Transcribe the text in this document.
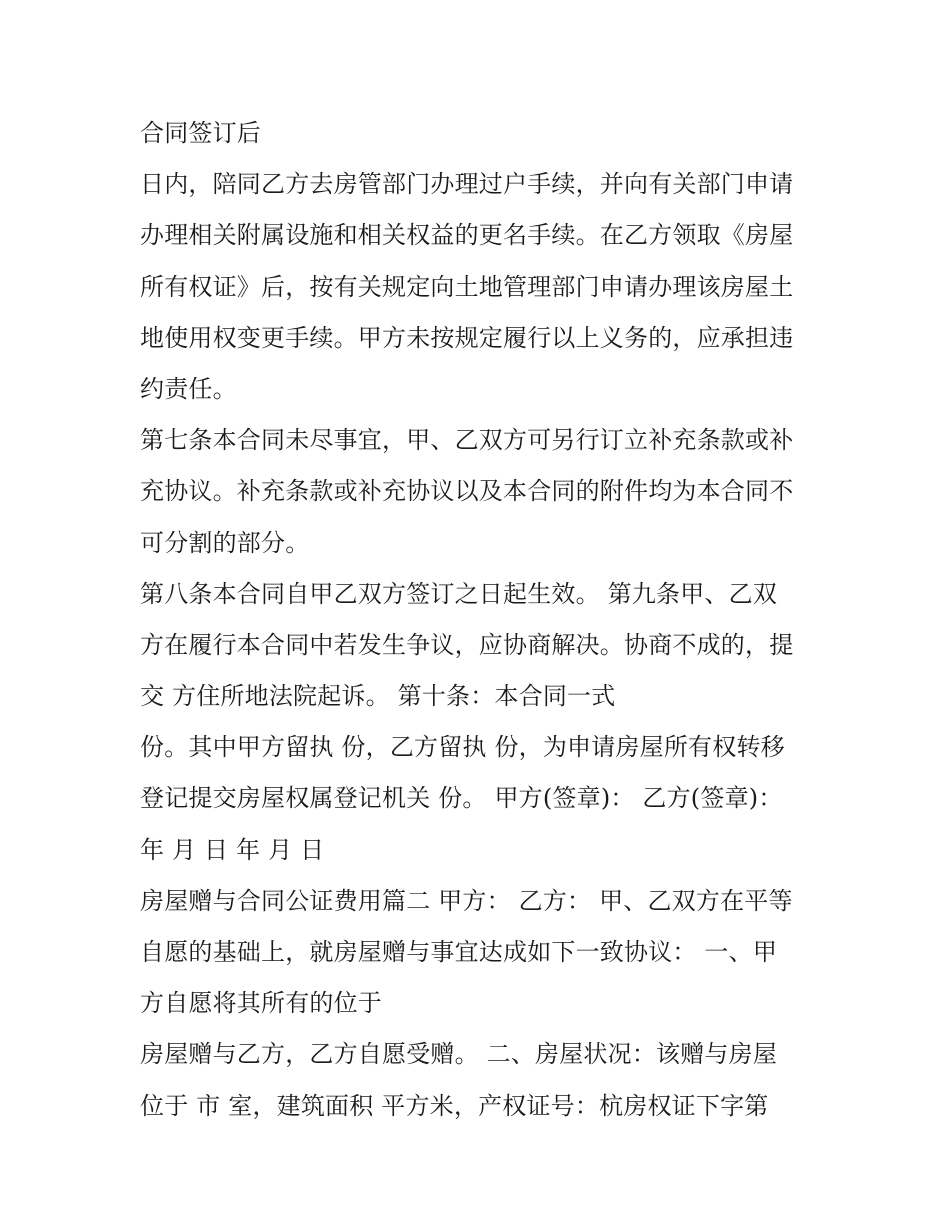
合同签订后
日内，陪同乙方去房管部门办理过户手续，并向有关部门申请
办理相关附属设施和相关权益的更名手续。在乙方领取《房屋
所有权证》后，按有关规定向土地管理部门申请办理该房屋土
地使用权变更手续。甲方未按规定履行以上义务的，应承担违
约责任。
第七条本合同未尽事宜，甲、乙双方可另行订立补充条款或补
充协议。补充条款或补充协议以及本合同的附件均为本合同不
可分割的部分。
第八条本合同自甲乙双方签订之日起生效。 第九条甲、乙双
方在履行本合同中若发生争议，应协商解决。协商不成的，提
交 方住所地法院起诉。 第十条：本合同一式
份。其中甲方留执 份，乙方留执 份，为申请房屋所有权转移
登记提交房屋权属登记机关 份。 甲方(签章)： 乙方(签章)：
年 月 日 年 月 日
房屋赠与合同公证费用篇二 甲方： 乙方： 甲、乙双方在平等
自愿的基础上，就房屋赠与事宜达成如下一致协议： 一、甲
方自愿将其所有的位于
房屋赠与乙方，乙方自愿受赠。 二、房屋状况：该赠与房屋
位于 市 室，建筑面积 平方米，产权证号：杭房权证下字第
